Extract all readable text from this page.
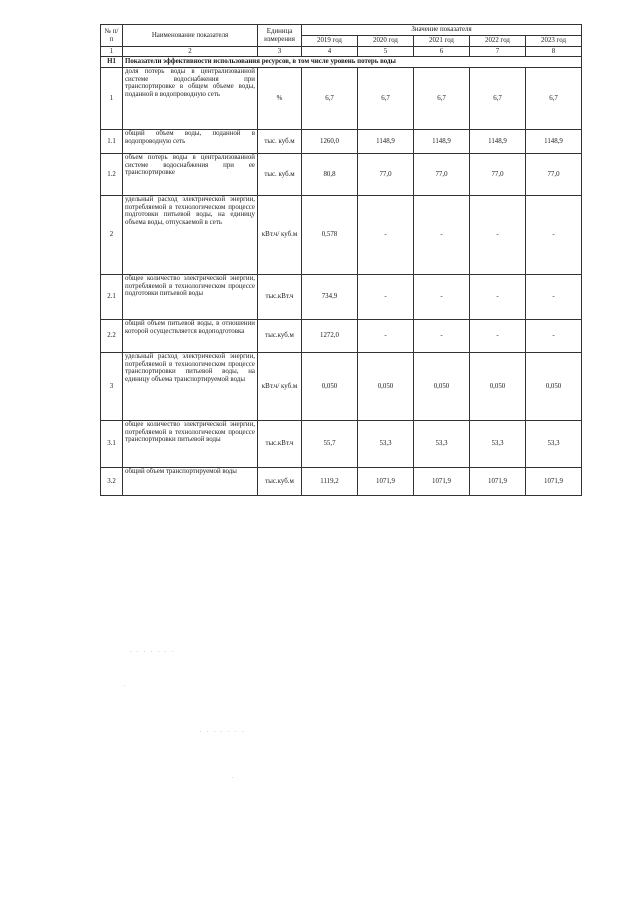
№ п/п	Наименование показателя	Единица измерения	Значение показателя				
			2019 год	2020 год	2021 год	2022 год	2023 год
1	2	3	4	5	6	7	8
Н1	Показатели эффективности использования ресурсов, в том числе уровень потерь воды						
1	доля потерь воды в централизованной системе водоснабжения при транспортировке в общем объеме воды, поданной в водопроводную сеть	%	6,7	6,7	6,7	6,7	6,7
1.1	общий объем воды, поданной в водопроводную сеть	тыс. куб.м	1260,0	1148,9	1148,9	1148,9	1148,9
1.2	объем потерь воды в централизованной системе водоснабжения при ее транспортировке	тыс. куб.м	80,8	77,0	77,0	77,0	77,0
2	удельный расход электрической энергии, потребляемой в технологическом процессе подготовки питьевой воды, на единицу объема воды, отпускаемой в сеть	кВт.ч/ куб.м	0,578	-	-	-	-
2.1	общее количество электрической энергии, потребляемой в технологическом процессе подготовки питьевой воды	тыс.кВт.ч	734,9	-	-	-	-
2.2	общий объем питьевой воды, в отношении которой осуществляется водоподготовка	тыс.куб.м	1272,0	-	-	-	-
3	удельный расход электрической энергии, потребляемой в технологическом процессе транспортировки питьевой воды, на единицу объема транспортируемой воды	кВт.ч/ куб.м	0,050	0,050	0,050	0,050	0,050
3.1	общее количество электрической энергии, потребляемой в технологическом процессе транспортировки питьевой воды	тыс.кВт.ч	55,7	53,3	53,3	53,3	53,3
3.2	общий объем транспортируемой воды	тыс.куб.м	1119,2	1071,9	1071,9	1071,9	1071,9
· · · · · · ·
·
· · · · · · ·
·
